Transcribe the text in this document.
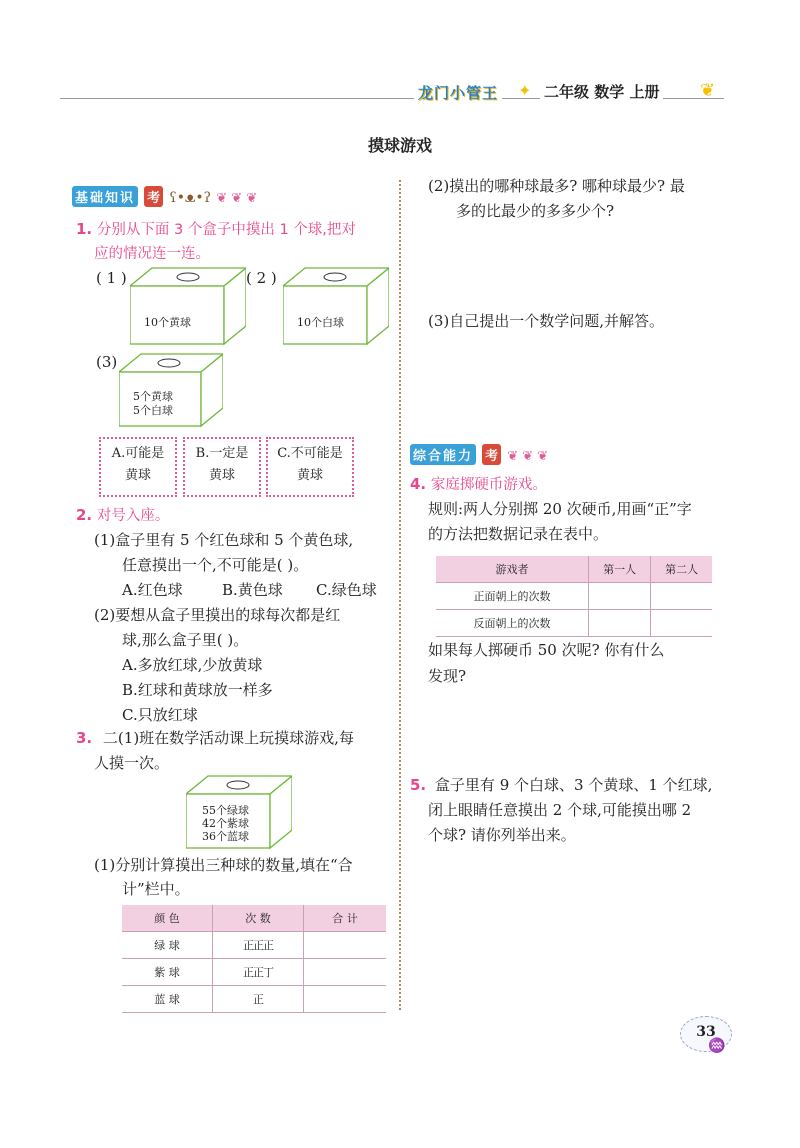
龙门小管王 ✦ 二年级 数学 上册 ❦
摸球游戏
基础知识 考 ʕ•ᴥ•ʔ ❦ ❦ ❦
1. 分别从下面 3 个盒子中摸出 1 个球,把对
应的情况连一连。
( 1 )
10个黄球
( 2 )
10个白球
(3)
5个黄球
5个白球
A.可能是
黄球
B.一定是
黄球
C.不可能是
黄球
2. 对号入座。
(1)盒子里有 5 个红色球和 5 个黄色球,
任意摸出一个,不可能是( )。
A.红色球	B.黄色球 C.绿色球
(2)要想从盒子里摸出的球每次都是红
球,那么盒子里( )。
A.多放红球,少放黄球
B.红球和黄球放一样多
C.只放红球
3. 二(1)班在数学活动课上玩摸球游戏,每
人摸一次。
55个绿球
42个紫球
36个蓝球
(1)分别计算摸出三种球的数量,填在“合
计”栏中。
颜 色	次 数	合 计
绿 球	正正正	
紫 球	正正丁	
蓝 球	正	
(2)摸出的哪种球最多? 哪种球最少? 最
多的比最少的多多少个?
(3)自己提出一个数学问题,并解答。
综合能力 考 ❦ ❦ ❦
4. 家庭掷硬币游戏。
规则:两人分别掷 20 次硬币,用画“正”字
的方法把数据记录在表中。
游戏者	第一人	第二人
正面朝上的次数		
反面朝上的次数		
如果每人掷硬币 50 次呢? 你有什么
发现?
5. 盒子里有 9 个白球、3 个黄球、1 个红球,
闭上眼睛任意摸出 2 个球,可能摸出哪 2
个球? 请你列举出来。
33
♒
